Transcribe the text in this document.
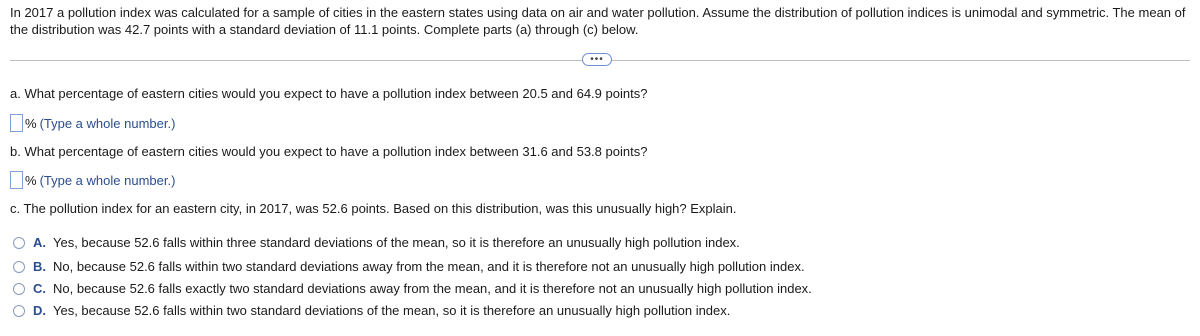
In 2017 a pollution index was calculated for a sample of cities in the eastern states using data on air and water pollution. Assume the distribution of pollution indices is unimodal and symmetric. The mean of the distribution was 42.7 points with a standard deviation of 11.1 points. Complete parts (a) through (c) below.
•••
a. What percentage of eastern cities would you expect to have a pollution index between 20.5 and 64.9 points?
% (Type a whole number.)
b. What percentage of eastern cities would you expect to have a pollution index between 31.6 and 53.8 points?
% (Type a whole number.)
c. The pollution index for an eastern city, in 2017, was 52.6 points. Based on this distribution, was this unusually high? Explain.
A. Yes, because 52.6 falls within three standard deviations of the mean, so it is therefore an unusually high pollution index.
B. No, because 52.6 falls within two standard deviations away from the mean, and it is therefore not an unusually high pollution index.
C. No, because 52.6 falls exactly two standard deviations away from the mean, and it is therefore not an unusually high pollution index.
D. Yes, because 52.6 falls within two standard deviations of the mean, so it is therefore an unusually high pollution index.
